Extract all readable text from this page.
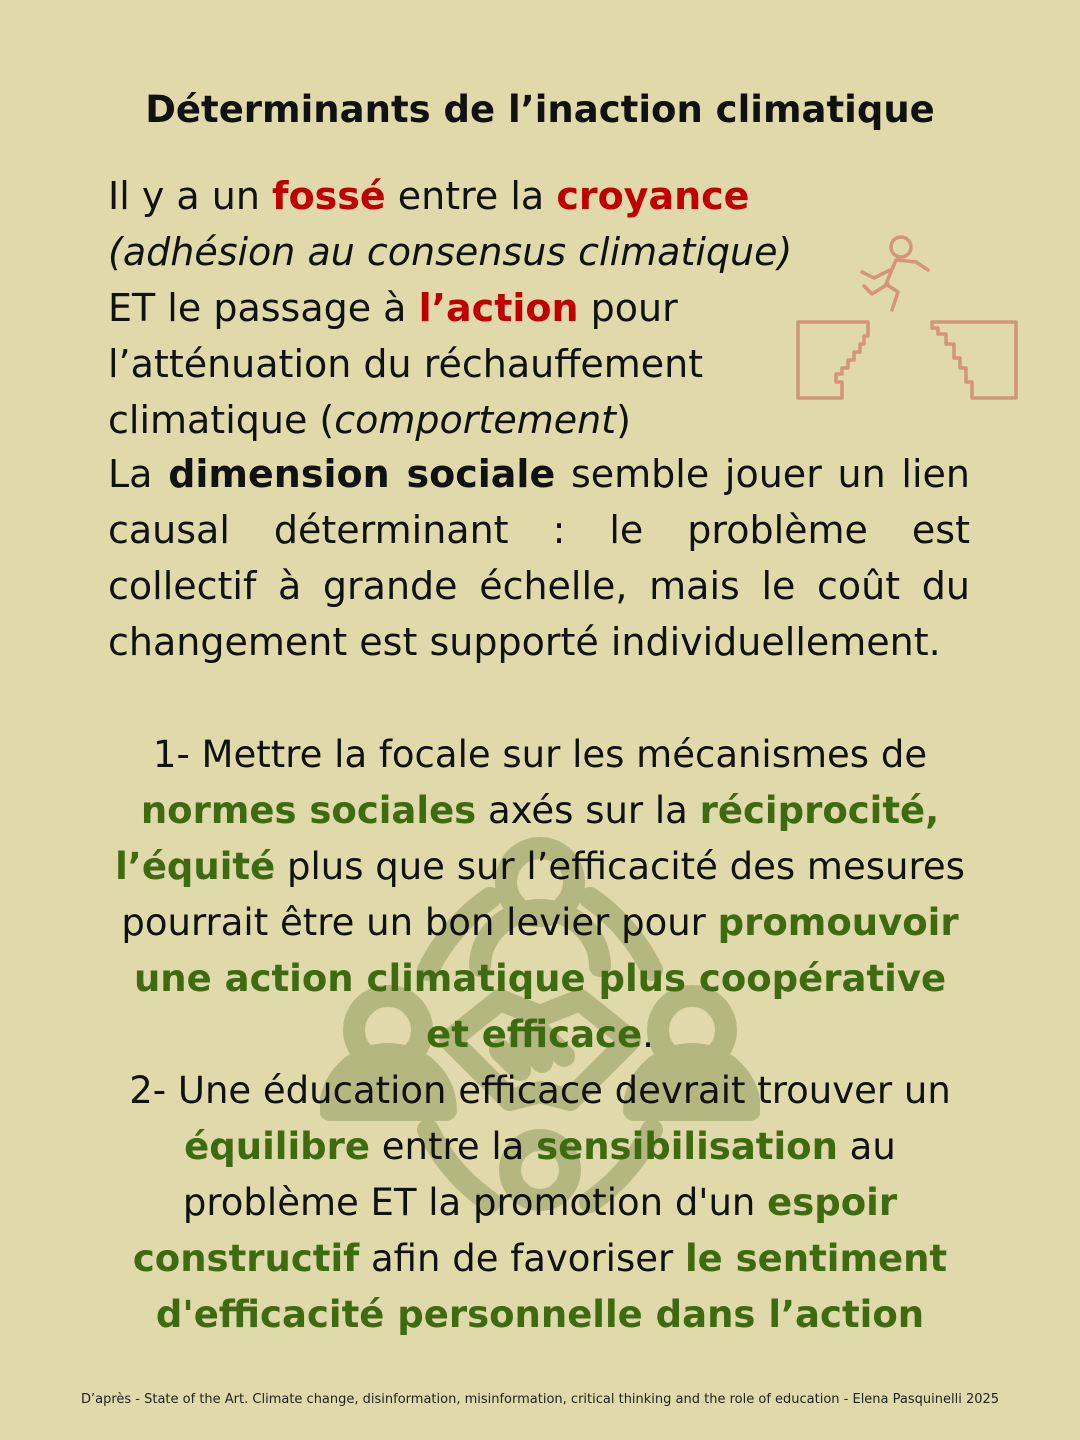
Déterminants de l’inaction climatique

Il y a un fossé entre la croyance (adhésion au consensus climatique) ET le passage à l’action pour l’atténuation du réchauffement climatique (comportement)

La dimension sociale semble jouer un lien causal déterminant : le problème est collectif à grande échelle, mais le coût du changement est supporté individuellement.

1- Mettre la focale sur les mécanismes de normes sociales axés sur la réciprocité, l’équité plus que sur l’efficacité des mesures pourrait être un bon levier pour promouvoir une action climatique plus coopérative et efficace.

2- Une éducation efficace devrait trouver un équilibre entre la sensibilisation au problème ET la promotion d'un espoir constructif afin de favoriser le sentiment d'efficacité personnelle dans l’action

D’après - State of the Art. Climate change, disinformation, misinformation, critical thinking and the role of education - Elena Pasquinelli 2025
